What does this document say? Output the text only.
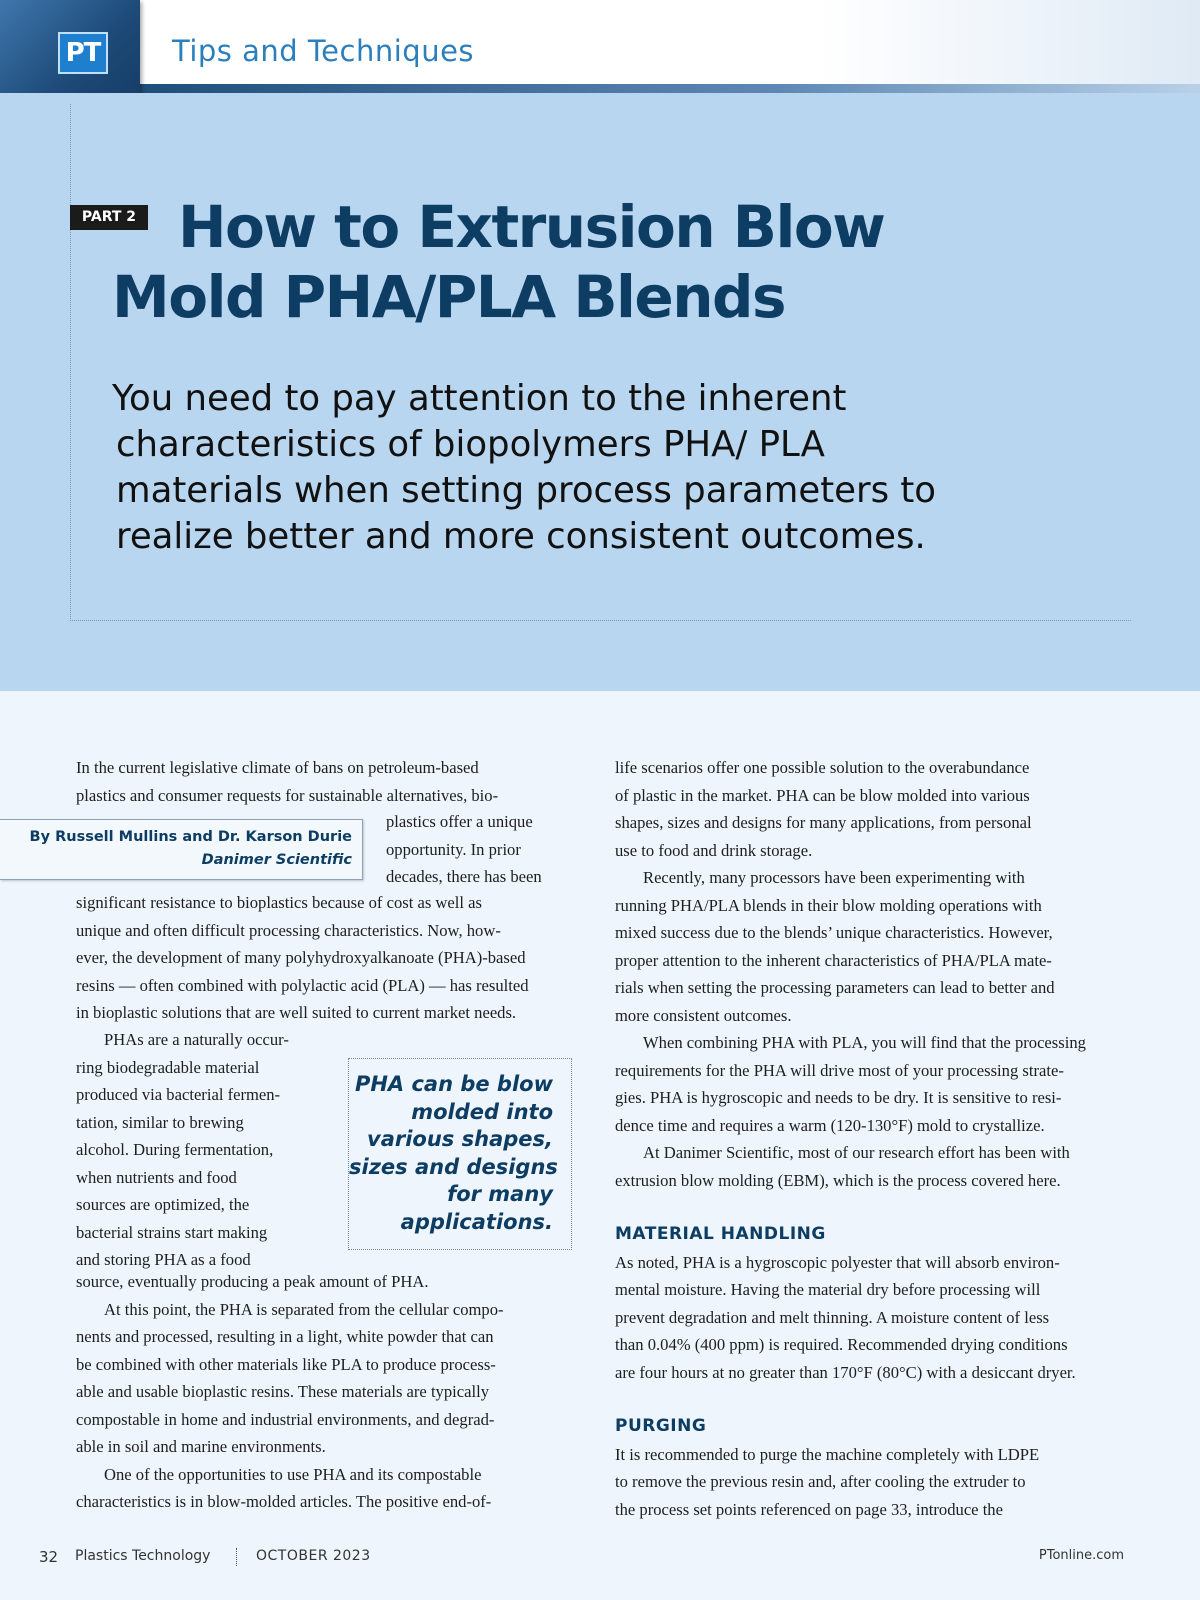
PT Tips and Techniques
PART 2 How to Extrusion Blow
Mold PHA/PLA Blends

You need to pay attention to the inherent

characteristics of biopolymers PHA/ PLA

materials when setting process parameters to

realize better and more consistent outcomes.

By Russell Mullins and Dr. Karson Durie
Danimer Scientific
In the current legislative climate of bans on petroleum-based
plastics and consumer requests for sustainable alternatives, bio-
plastics offer a unique
opportunity. In prior
decades, there has been
significant resistance to bioplastics because of cost as well as
unique and often difficult processing characteristics. Now, how-
ever, the development of many polyhydroxyalkanoate (PHA)-based
resins — often combined with polylactic acid (PLA) — has resulted
in bioplastic solutions that are well suited to current market needs.
PHAs are a naturally occur-
ring biodegradable material
produced via bacterial fermen-
tation, similar to brewing
alcohol. During fermentation,
when nutrients and food
sources are optimized, the
bacterial strains start making
and storing PHA as a food
PHA can be blow
molded into
various shapes,
sizes and designs
for many
applications.
source, eventually producing a peak amount of PHA.
At this point, the PHA is separated from the cellular compo-
nents and processed, resulting in a light, white powder that can
be combined with other materials like PLA to produce process-
able and usable bioplastic resins. These materials are typically
compostable in home and industrial environments, and degrad-
able in soil and marine environments.
One of the opportunities to use PHA and its compostable
characteristics is in blow-molded articles. The positive end-of-
life scenarios offer one possible solution to the overabundance
of plastic in the market. PHA can be blow molded into various
shapes, sizes and designs for many applications, from personal
use to food and drink storage.
Recently, many processors have been experimenting with
running PHA/PLA blends in their blow molding operations with
mixed success due to the blends’ unique characteristics. However,
proper attention to the inherent characteristics of PHA/PLA mate-
rials when setting the processing parameters can lead to better and
more consistent outcomes.
When combining PHA with PLA, you will find that the processing
requirements for the PHA will drive most of your processing strate-
gies. PHA is hygroscopic and needs to be dry. It is sensitive to resi-
dence time and requires a warm (120-130°F) mold to crystallize.
At Danimer Scientific, most of our research effort has been with
extrusion blow molding (EBM), which is the process covered here.
MATERIAL HANDLING
As noted, PHA is a hygroscopic polyester that will absorb environ-
mental moisture. Having the material dry before processing will
prevent degradation and melt thinning. A moisture content of less
than 0.04% (400 ppm) is required. Recommended drying conditions
are four hours at no greater than 170°F (80°C) with a desiccant dryer.
PURGING
It is recommended to purge the machine completely with LDPE
to remove the previous resin and, after cooling the extruder to
the process set points referenced on page 33, introduce the
32 Plastics Technology	OCTOBER 2023	PTonline.com
